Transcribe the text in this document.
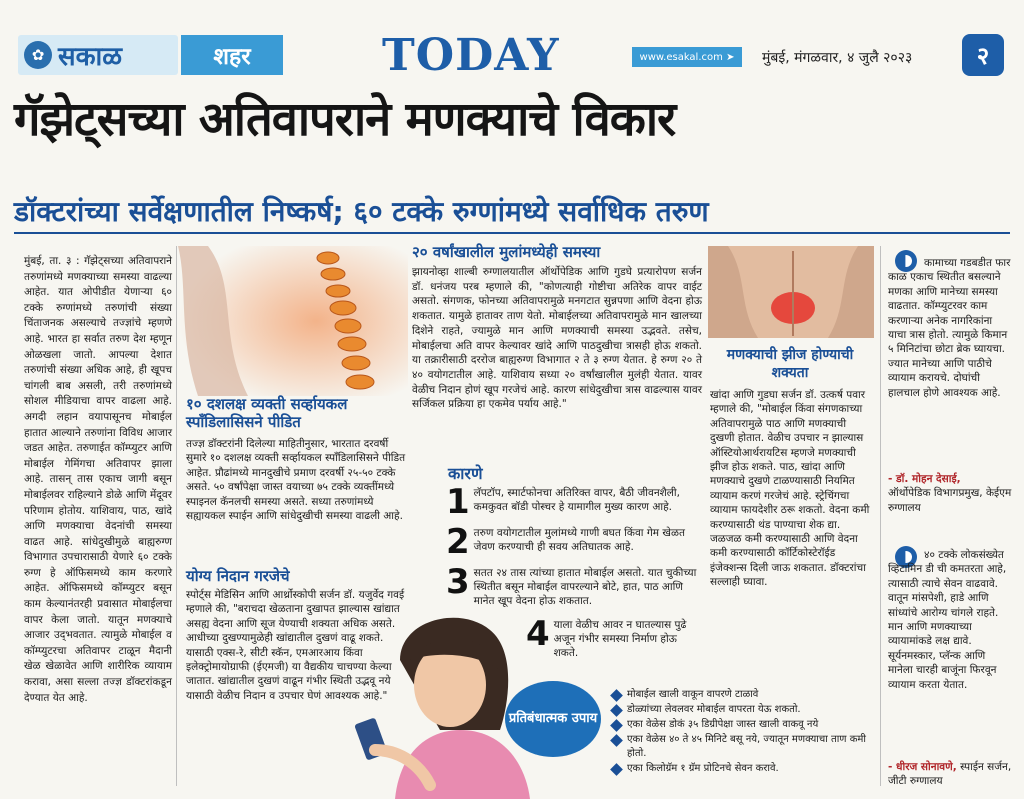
✿ सकाळ	शहर	TODAY	www.esakal.com
➤ मुंबई, मंगळवार, ४ जुलै २०२३	२
गॅझेट्सच्या अतिवापराने मणक्याचे विकार
डॉक्टरांच्या सर्वेक्षणातील निष्कर्ष; ६० टक्के रुग्णांमध्ये सर्वाधिक तरुण
मुंबई, ता. ३ : गॅझेट्सच्या अतिवापराने तरुणांमध्ये मणक्याच्या समस्या वाढल्या आहेत. यात ओपीडीत येणाऱ्या ६० टक्के रुग्णांमध्ये तरुणांची संख्या चिंताजनक असल्याचे तज्ज्ञांचे म्हणणे आहे. भारत हा सर्वात तरुण देश म्हणून ओळखला जातो. आपल्या देशात तरुणांची संख्या अधिक आहे, ही खूपच चांगली बाब असली, तरी तरुणांमध्ये सोशल मीडियाचा वापर वाढला आहे. अगदी लहान वयापासूनच मोबाईल हातात आल्याने तरुणांना विविध आजार जडत आहेत. तरुणाईत कॉम्प्युटर आणि मोबाईल गेमिंगचा अतिवापर झाला आहे. तासन्‌ तास एकाच जागी बसून मोबाईलवर राहिल्याने डोळे आणि मेंदूवर परिणाम होतोय. याशिवाय, पाठ, खांदे आणि मणक्याचा वेदनांची समस्या वाढत आहे. सांधेदुखीमुळे बाह्यरुग्ण विभागात उपचारासाठी येणारे ६० टक्के रुग्ण हे ऑफिसमध्ये काम करणारे आहेत. ऑफिसमध्ये कॉम्प्युटर बसून काम केल्यानंतरही प्रवासात मोबाईलचा वापर केला जातो. यातून मणक्याचे आजार उद्‌भवतात. त्यामुळे मोबाईल व कॉम्प्युटरचा अतिवापर टाळून मैदानी खेळ खेळावेत आणि शारीरिक व्यायाम करावा, असा सल्ला तज्ज्ञ डॉक्टरांकडून देण्यात येत आहे.
१० दशलक्ष व्यक्ती सर्व्हायकल स्पॉंडिलासिसने पीडित
तज्ज्ञ डॉक्टरांनी दिलेल्या माहितीनुसार, भारतात दरवर्षी सुमारे १० दशलक्ष व्यक्ती सर्व्हायकल स्पॉंडिलासिसने पीडित आहेत. प्रौढांमध्ये मानदुखीचे प्रमाण दरवर्षी २५-५० टक्के असते. ५० वर्षांपेक्षा जास्त वयाच्या ७५ टक्के व्यक्तींमध्ये स्पाइनल कॅनलची समस्या असते. सध्या तरुणांमध्ये सह्यायकल स्पाईन आणि सांधेदुखीची समस्या वाढली आहे.
योग्य निदान गरजेचे
स्पोर्ट्स मेडिसिन आणि आर्थ्रोस्कोपी सर्जन डॉ. यजुर्वेद गवई म्हणाले की, "बराचदा खेळताना दुखापत झाल्यास खांद्यात असह्य वेदना आणि सूज येण्याची शक्यता अधिक असते. आधीच्या दुखण्यामुळेही खांद्यातील दुखणं वाढू शकते. यासाठी एक्स-रे, सीटी स्कॅन, एमआरआय किंवा इलेक्ट्रोमायोग्राफी (ईएमजी) या वैद्यकीय चाचण्या केल्या जातात. खांद्यातील दुखणं वाढून गंभीर स्थिती उद्भवू नये यासाठी वेळीच निदान व उपचार घेणं आवश्यक आहे."
२० वर्षांखालील मुलांमध्येही समस्या
झायनोव्हा शाल्बी रुग्णालयातील ऑर्थोपेडिक आणि गुडघे प्रत्यारोपण सर्जन डॉ. धनंजय परब म्हणाले की, "कोणत्याही गोष्टीचा अतिरेक वापर वाईट असतो. संगणक, फोनच्या अतिवापरामुळे मनगटात सुन्नपणा आणि वेदना होऊ शकतात. यामुळे हातावर ताण येतो. मोबाईलच्या अतिवापरामुळे मान खालच्या दिशेने राहते, ज्यामुळे मान आणि मणक्याची समस्या उद्भवते. तसेच, मोबाईलचा अति वापर केल्यावर खांदे आणि पाठदुखीचा त्रासही होऊ शकतो. या तक्रारीसाठी दररोज बाह्यरुग्ण विभागात २ ते ३ रुग्ण येतात. हे रुग्ण २० ते ४० वयोगटातील आहे. याशिवाय सध्या २० वर्षांखालील मुलंही येतात. यावर वेळीच निदान होणं खूप गरजेचं आहे. कारण सांधेदुखीचा त्रास वाढल्यास यावर सर्जिकल प्रक्रिया हा एकमेव पर्याय आहे."
कारणे
1 लॅपटॉप, स्मार्टफोनचा अतिरिक्त वापर, बैठी जीवनशैली, कमकुवत बॉडी पोस्चर हे यामागील मुख्य कारण आहे.
2 तरुण वयोगटातील मुलांमध्ये गाणी बघत किंवा गेम खेळत जेवण करण्याची ही सवय अतिघातक आहे.
3 सतत २४ तास त्यांच्या हातात मोबाईल असतो. यात चुकीच्या स्थितीत बसून मोबाईल वापरल्याने बोटे, हात, पाठ आणि मानेत खूप वेदना होऊ शकतात.
4 याला वेळीच आवर न घातल्यास पुढे अजून गंभीर समस्या निर्माण होऊ शकते.
प्रतिबंधात्मक उपाय
मोबाईल खाली वाकून वापरणे टाळावे
डोळ्यांच्या लेवलवर मोबाईल वापरता येऊ शकतो.
एका वेळेस डोकं ३५ डिग्रीपेक्षा जास्त खाली वाकवू नये
एका वेळेस ४० ते ४५ मिनिटे बसू नये, ज्यातून मणक्याचा ताण कमी होतो.
एका किलोग्रॅम १ ग्रॅम प्रोटिनचे सेवन करावे.
मणक्याची झीज होण्याची शक्यता
खांदा आणि गुडघा सर्जन डॉ. उत्कर्ष पवार म्हणाले की, "मोबाईल किंवा संगणकाच्या अतिवापरामुळे पाठ आणि मणक्याची दुखणी होतात. वेळीच उपचार न झाल्यास ऑस्टियोआर्थरायटिस म्हणजे मणक्याची झीज होऊ शकते. पाठ, खांदा आणि मणक्याचे दुखणे टाळण्यासाठी नियमित व्यायाम करणं गरजेचं आहे. स्ट्रेचिंगचा व्यायाम फायदेशीर ठरू शकतो. वेदना कमी करण्यासाठी थंड पाण्याचा शेक द्या. जळजळ कमी करण्यासाठी आणि वेदना कमी करण्यासाठी कॉर्टिकोस्टेरॉईड इंजेक्शन्स दिली जाऊ शकतात. डॉक्टरांचा सल्लाही घ्यावा.
कामाच्या गडबडीत फार काळ एकाच स्थितीत बसल्याने मणका आणि मानेच्या समस्या वाढतात. कॉम्प्युटरवर काम करणाऱ्या अनेक नागरिकांना याचा त्रास होतो. त्यामुळे किमान ५ मिनिटांचा छोटा ब्रेक घ्यायचा. ज्यात मानेच्या आणि पाठीचे व्यायाम करायचे. दोघांची हालचाल होणे आवश्यक आहे.
- डॉ. मोहन देसाई,
ऑर्थोपेडिक विभागप्रमुख, केईएम रुग्णालय
४० टक्के लोकसंख्येत व्हिटामिन डी ची कमतरता आहे, त्यासाठी त्याचे सेवन वाढवावे. वातून मांसपेशी, हाडे आणि सांध्यांचे आरोग्य चांगले राहते. मान आणि मणक्याच्या व्यायामांकडे लक्ष द्यावे. सूर्यनमस्कार, प्लॅन्क आणि मानेला चारही बाजूंना फिरवून व्यायाम करता येतात.
- धीरज सोनावणे, स्पाईन सर्जन, जीटी रुग्णालय
